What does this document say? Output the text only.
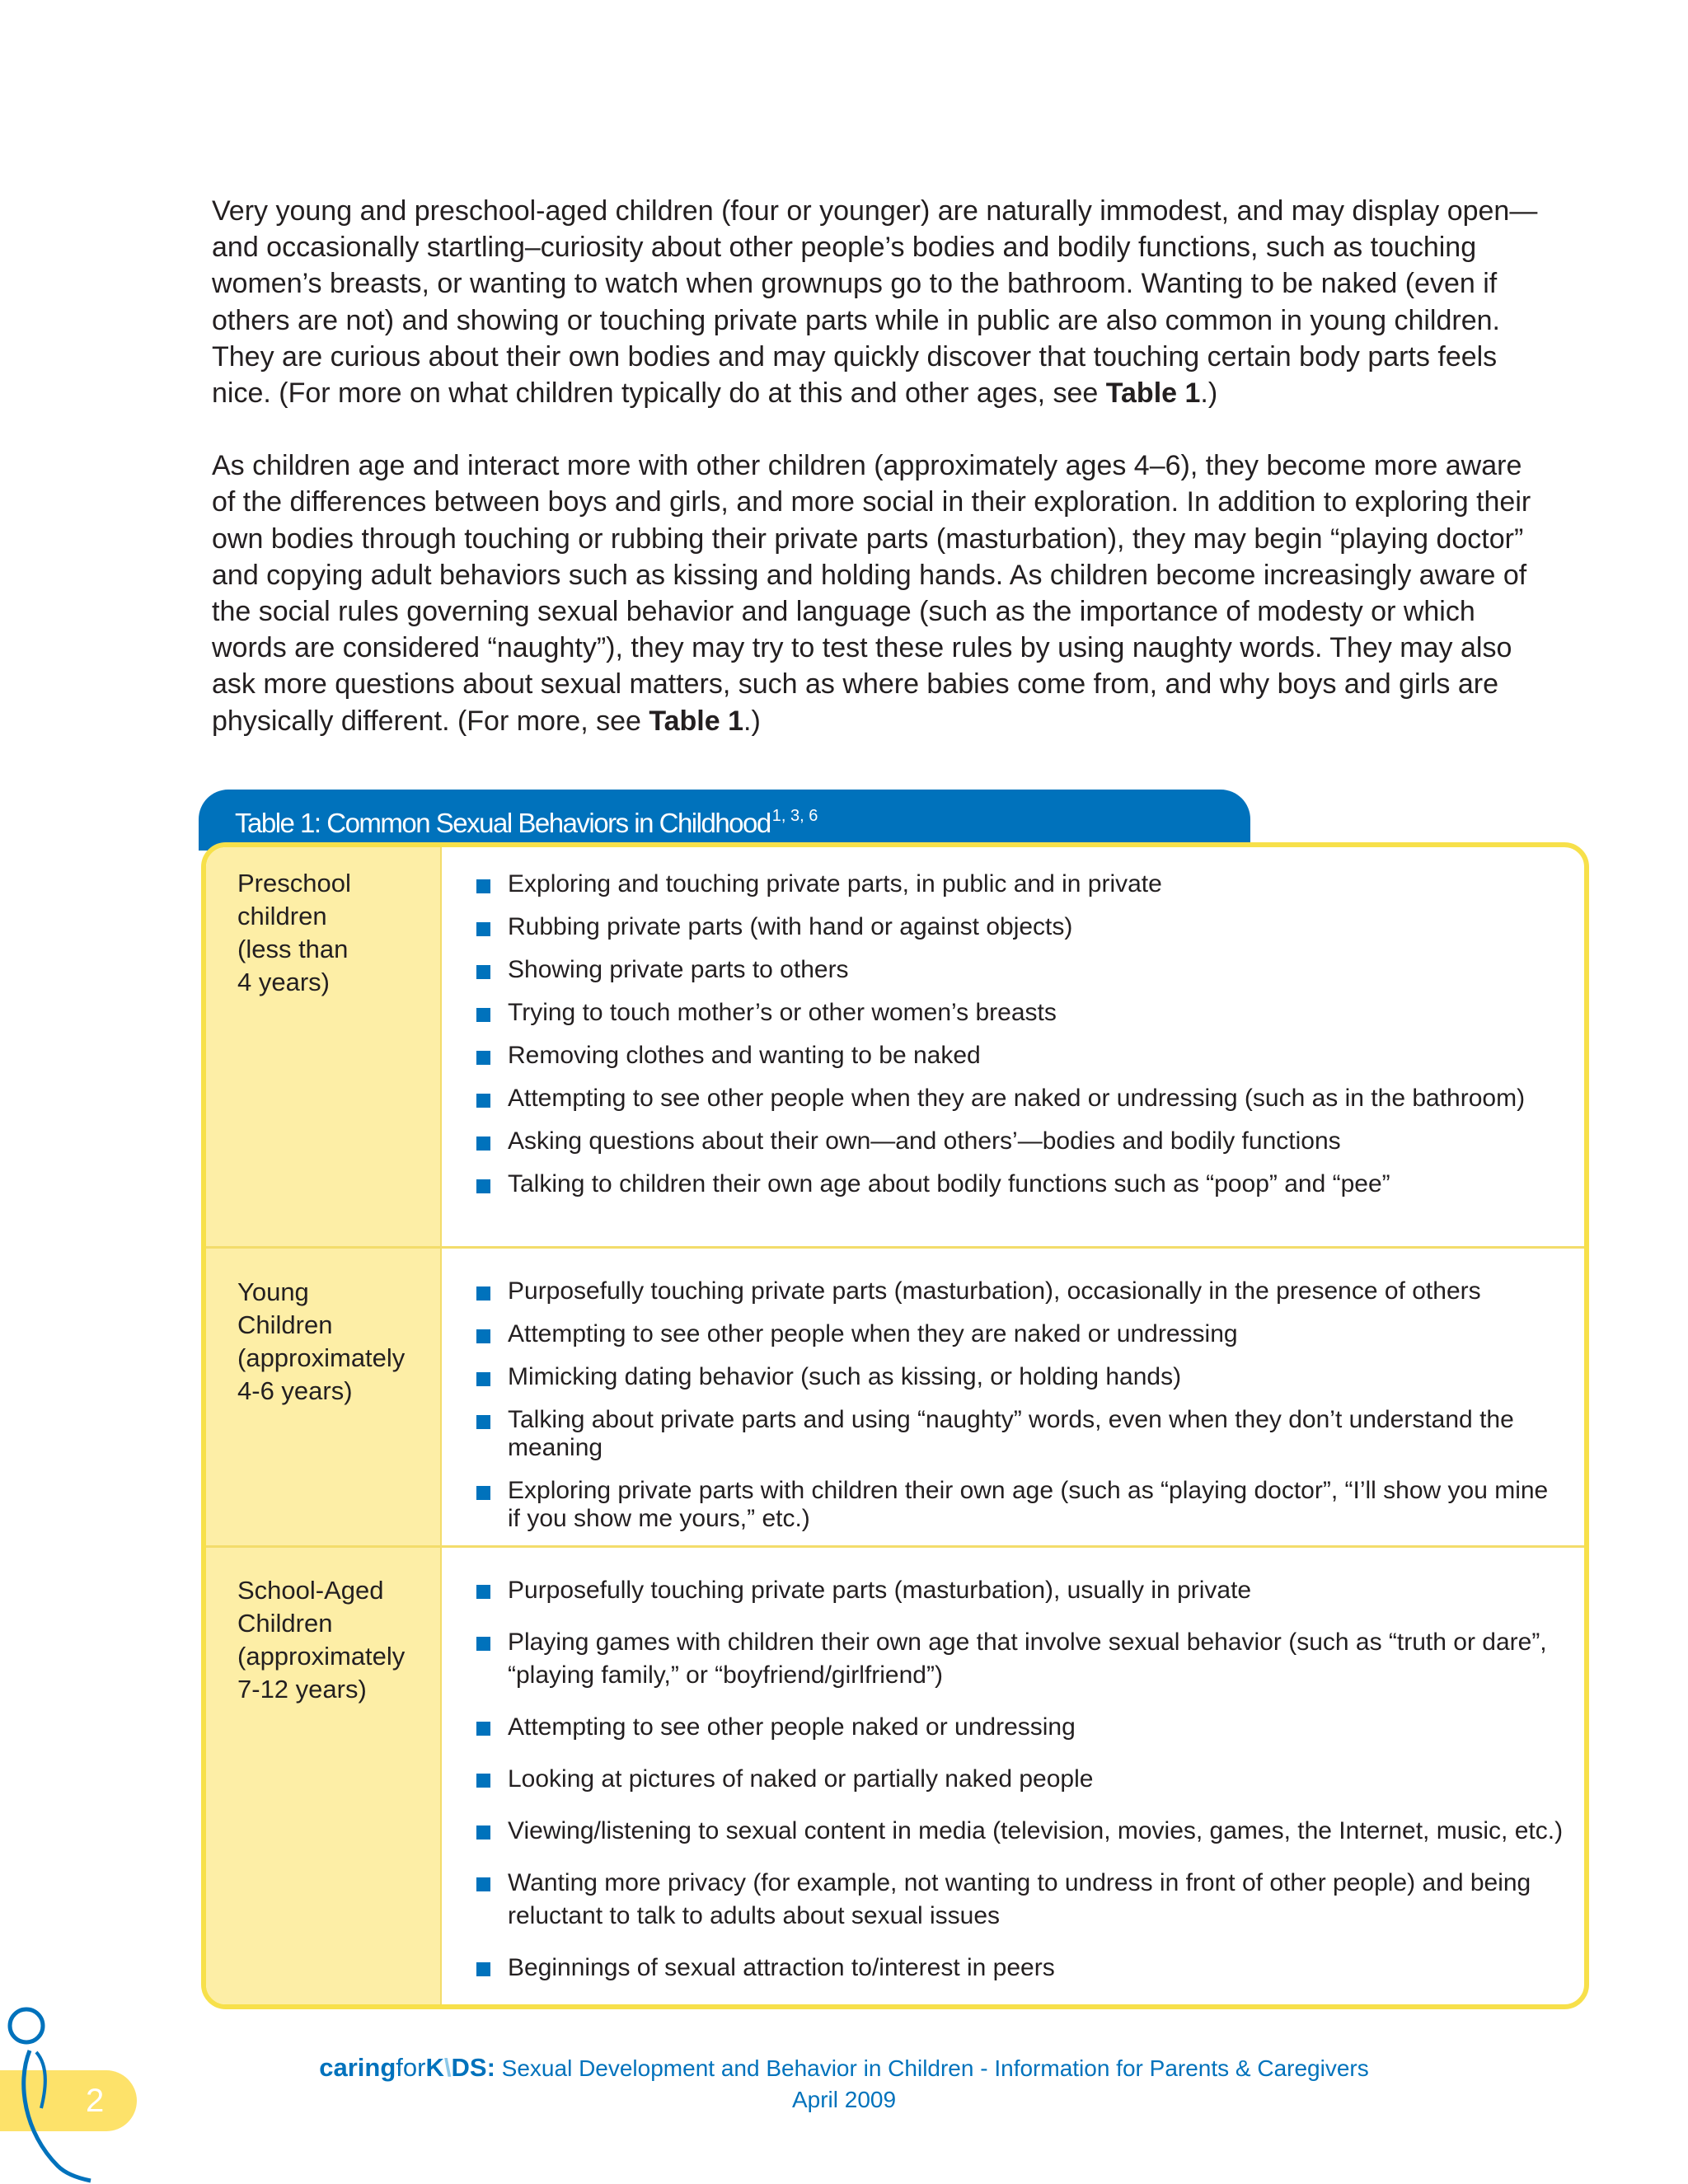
Very young and preschool-aged children (four or younger) are naturally immodest, and may display open—and occasionally startling–curiosity about other people’s bodies and bodily functions, such as touching women’s breasts, or wanting to watch when grownups go to the bathroom. Wanting to be naked (even if others are not) and showing or touching private parts while in public are also common in young children. They are curious about their own bodies and may quickly discover that touching certain body parts feels nice. (For more on what children typically do at this and other ages, see Table 1.)

As children age and interact more with other children (approximately ages 4–6), they become more aware of the differences between boys and girls, and more social in their exploration. In addition to exploring their own bodies through touching or rubbing their private parts (masturbation), they may begin “playing doctor” and copying adult behaviors such as kissing and holding hands. As children become increasingly aware of the social rules governing sexual behavior and language (such as the importance of modesty or which words are considered “naughty”), they may try to test these rules by using naughty words. They may also ask more questions about sexual matters, such as where babies come from, and why boys and girls are physically different. (For more, see Table 1.)

Table 1: Common Sexual Behaviors in Childhood $^{1, 3, 6}$
Preschool
children
(less than
4 years)
Exploring and touching private parts, in public and in private
Rubbing private parts (with hand or against objects)
Showing private parts to others
Trying to touch mother’s or other women’s breasts
Removing clothes and wanting to be naked
Attempting to see other people when they are naked or undressing (such as in the bathroom)
Asking questions about their own—and others’—bodies and bodily functions
Talking to children their own age about bodily functions such as “poop” and “pee”
Young
Children
(approximately
4-6 years)
Purposefully touching private parts (masturbation), occasionally in the presence of others
Attempting to see other people when they are naked or undressing
Mimicking dating behavior (such as kissing, or holding hands)
Talking about private parts and using “naughty” words, even when they don’t understand the meaning
Exploring private parts with children their own age (such as “playing doctor”, “I’ll show you mine if you show me yours,” etc.)
School-Aged
Children
(approximately
7-12 years)
Purposefully touching private parts (masturbation), usually in private
Playing games with children their own age that involve sexual behavior (such as “truth or dare”, “playing family,” or “boyfriend/girlfriend”)
Attempting to see other people naked or undressing
Looking at pictures of naked or partially naked people
Viewing/listening to sexual content in media (television, movies, games, the Internet, music, etc.)
Wanting more privacy (for example, not wanting to undress in front of other people) and being reluctant to talk to adults about sexual issues
Beginnings of sexual attraction to/interest in peers
2
caringforK\DS: Sexual Development and Behavior in Children - Information for Parents & Caregivers
April 2009
